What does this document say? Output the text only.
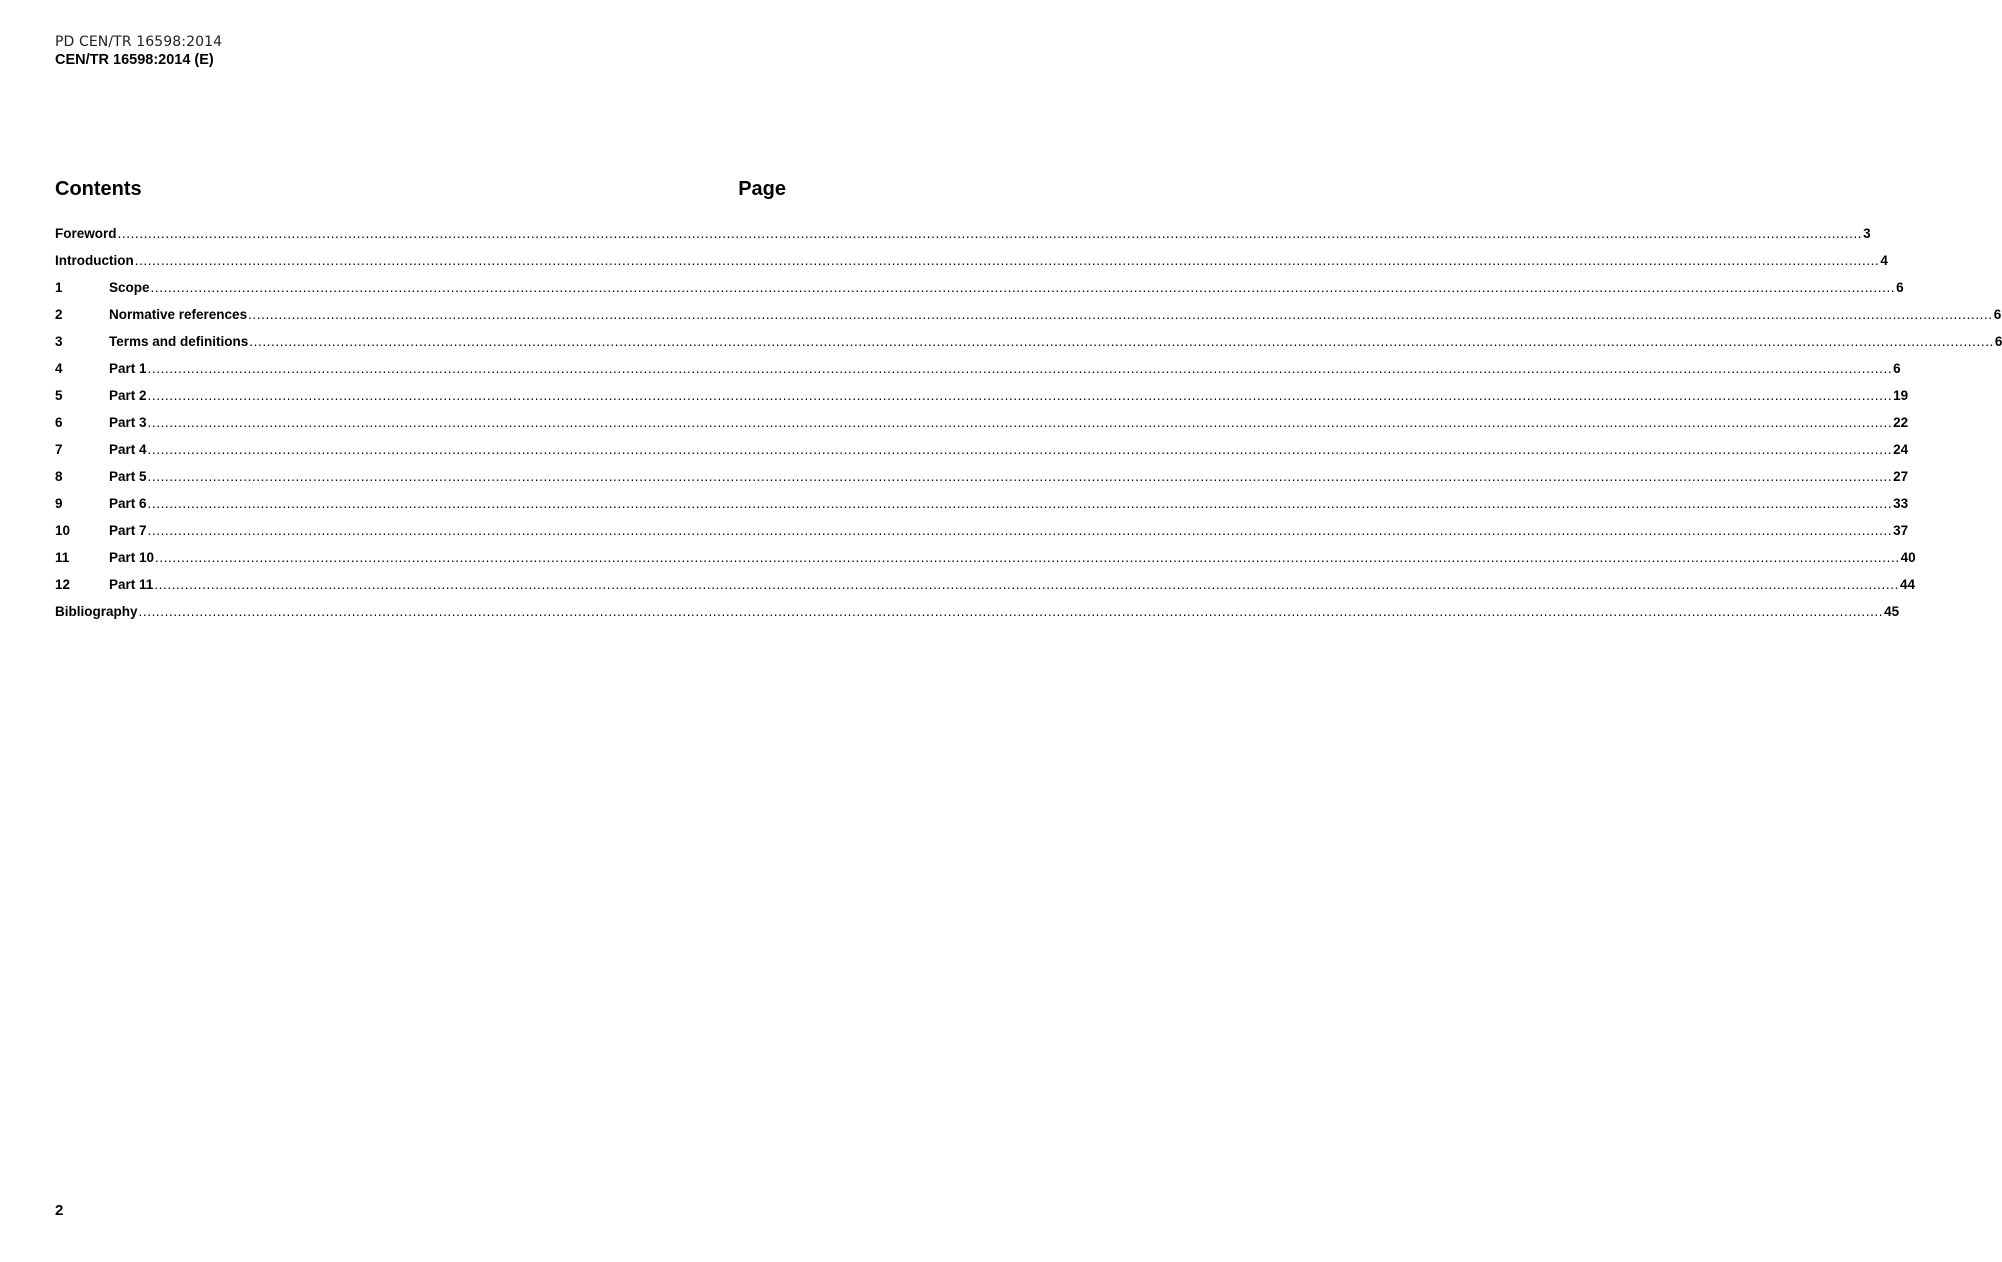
PD CEN/TR 16598:2014
CEN/TR 16598:2014 (E)
Contents	Page
Foreword ................................................................................................................................................................................................................................................................................................................................................................................................................. 3
Introduction ................................................................................................................................................................................................................................................................................................................................................................................................................. 4
1	Scope ................................................................................................................................................................................................................................................................................................................................................................................................................. 6
2	Normative references ................................................................................................................................................................................................................................................................................................................................................................................................................. 6
3	Terms and definitions ................................................................................................................................................................................................................................................................................................................................................................................................................. 6
4	Part 1 ................................................................................................................................................................................................................................................................................................................................................................................................................. 6
5	Part 2 ................................................................................................................................................................................................................................................................................................................................................................................................................. 19
6	Part 3 ................................................................................................................................................................................................................................................................................................................................................................................................................. 22
7	Part 4 ................................................................................................................................................................................................................................................................................................................................................................................................................. 24
8	Part 5 ................................................................................................................................................................................................................................................................................................................................................................................................................. 27
9	Part 6 ................................................................................................................................................................................................................................................................................................................................................................................................................. 33
10	Part 7 ................................................................................................................................................................................................................................................................................................................................................................................................................. 37
11	Part 10 ................................................................................................................................................................................................................................................................................................................................................................................................................. 40
12	Part 11 ................................................................................................................................................................................................................................................................................................................................................................................................................. 44
Bibliography ................................................................................................................................................................................................................................................................................................................................................................................................................. 45
2
